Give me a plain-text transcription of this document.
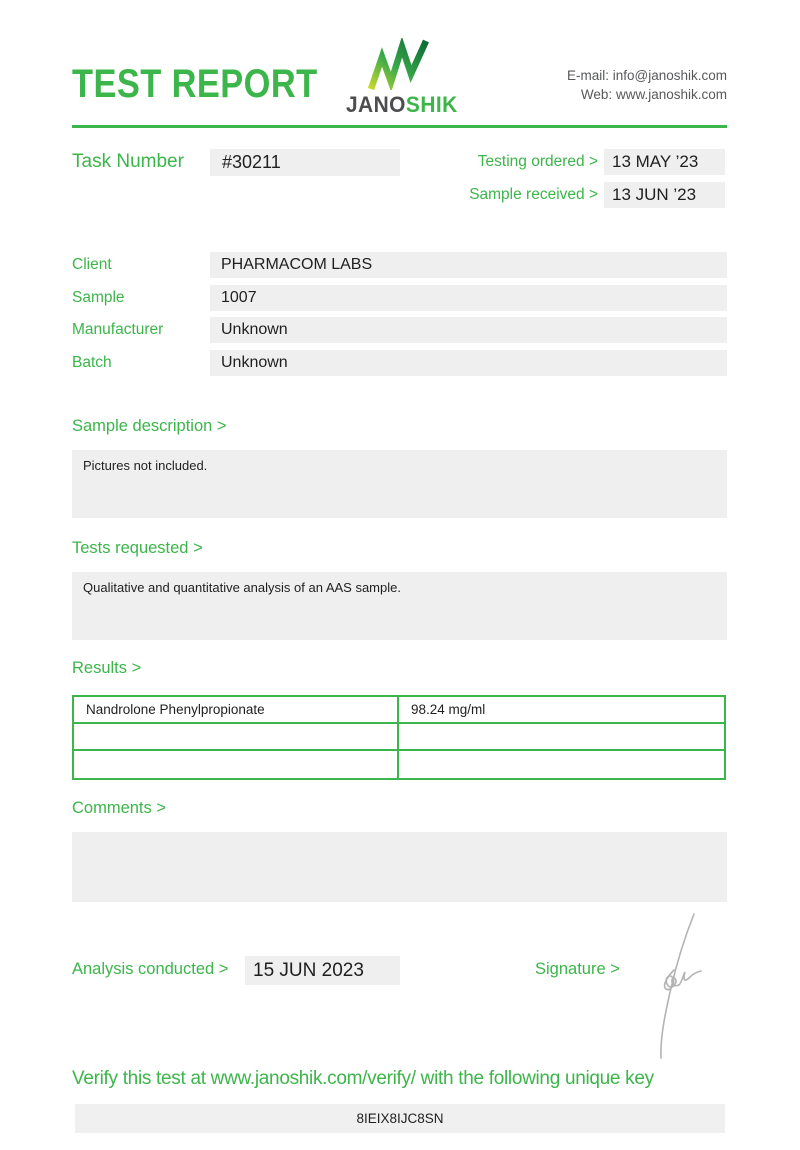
TEST REPORT JANOSHIK
E-mail: info@janoshik.com
Web: www.janoshik.com
Task Number	#30211	Testing ordered > 13 MAY ’23
Sample received > 13 JUN ’23
Client	PHARMACOM LABS
Sample	1007
Manufacturer	Unknown
Batch	Unknown
Sample description >
Pictures not included.
Tests requested >
Qualitative and quantitative analysis of an AAS sample.
Results >
Nandrolone Phenylpropionate	98.24 mg/ml
Comments >
Analysis conducted >	15 JUN 2023	Signature >
Verify this test at www.janoshik.com/verify/ with the following unique key
8IEIX8IJC8SN
